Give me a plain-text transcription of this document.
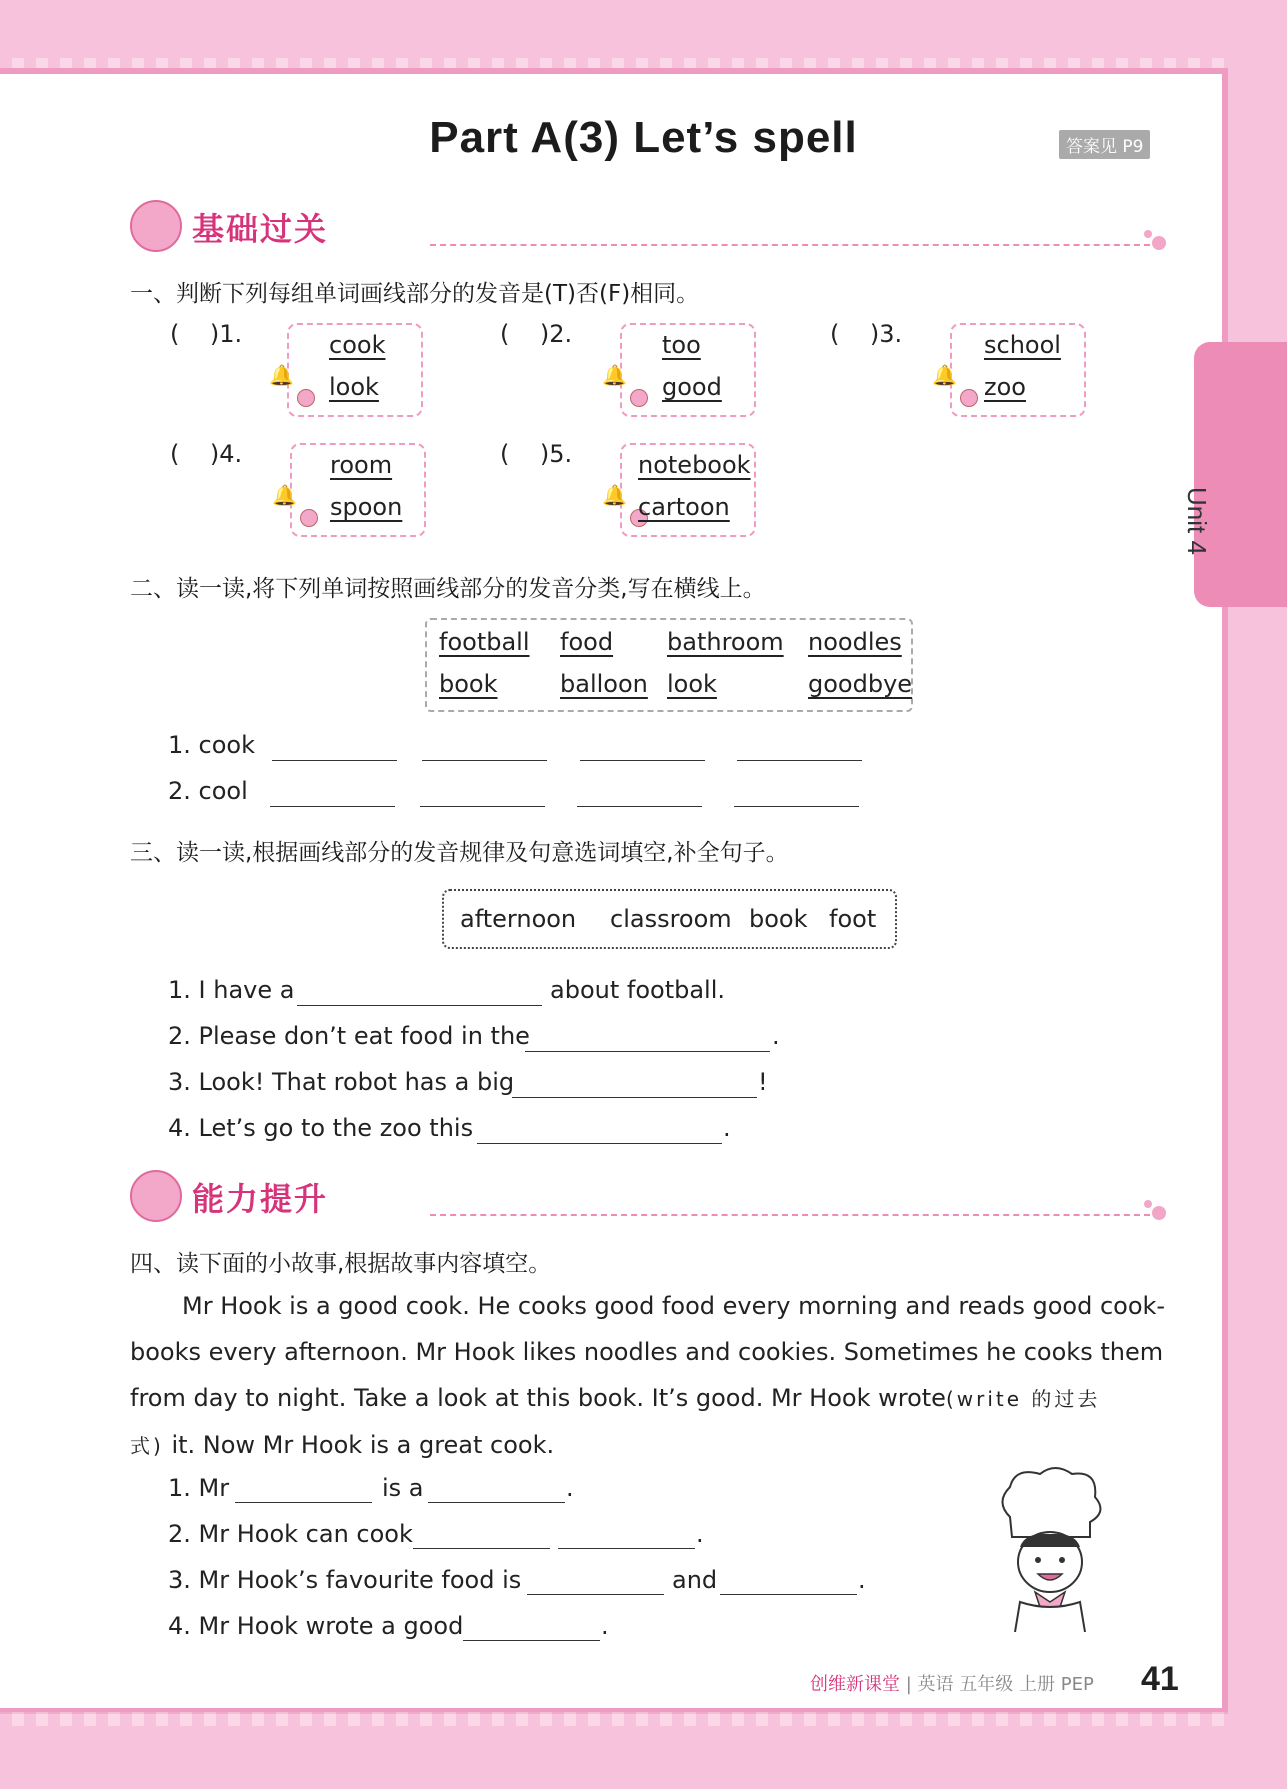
Part A(3) Let’s spell	答案见 P9
Unit 4
基础过关
一、判断下列每组单词画线部分的发音是(T)否(F)相同。
( )1.
🔔
cook
look
( )2.
🔔
too
good
( )3.
🔔
school
zoo
( )4.
🔔
room
spoon
( )5.
🔔
notebook
cartoon
二、读一读,将下列单词按照画线部分的发音分类,写在横线上。
football food bathroom noodles
book	balloon look	goodbye
1. cook
2. cool
三、读一读,根据画线部分的发音规律及句意选词填空,补全句子。
afternoon classroom book foot
1. I have a	about football.
2. Please don’t eat food in the	.
3. Look! That robot has a big	!
4. Let’s go to the zoo this	.
能力提升
四、读下面的小故事,根据故事内容填空。

Mr Hook is a good cook. He cooks good food every morning and reads good cook-

books every afternoon. Mr Hook likes noodles and cookies. Sometimes he cooks them

from day to night. Take a look at this book. It’s good. Mr Hook wrote(write 的过去

式) it. Now Mr Hook is a great cook.

1. Mr	is a	.
2. Mr Hook can cook	.
3. Mr Hook’s favourite food is	and	.
4. Mr Hook wrote a good	.
创维新课堂 | 英语 五年级 上册 PEP 41
